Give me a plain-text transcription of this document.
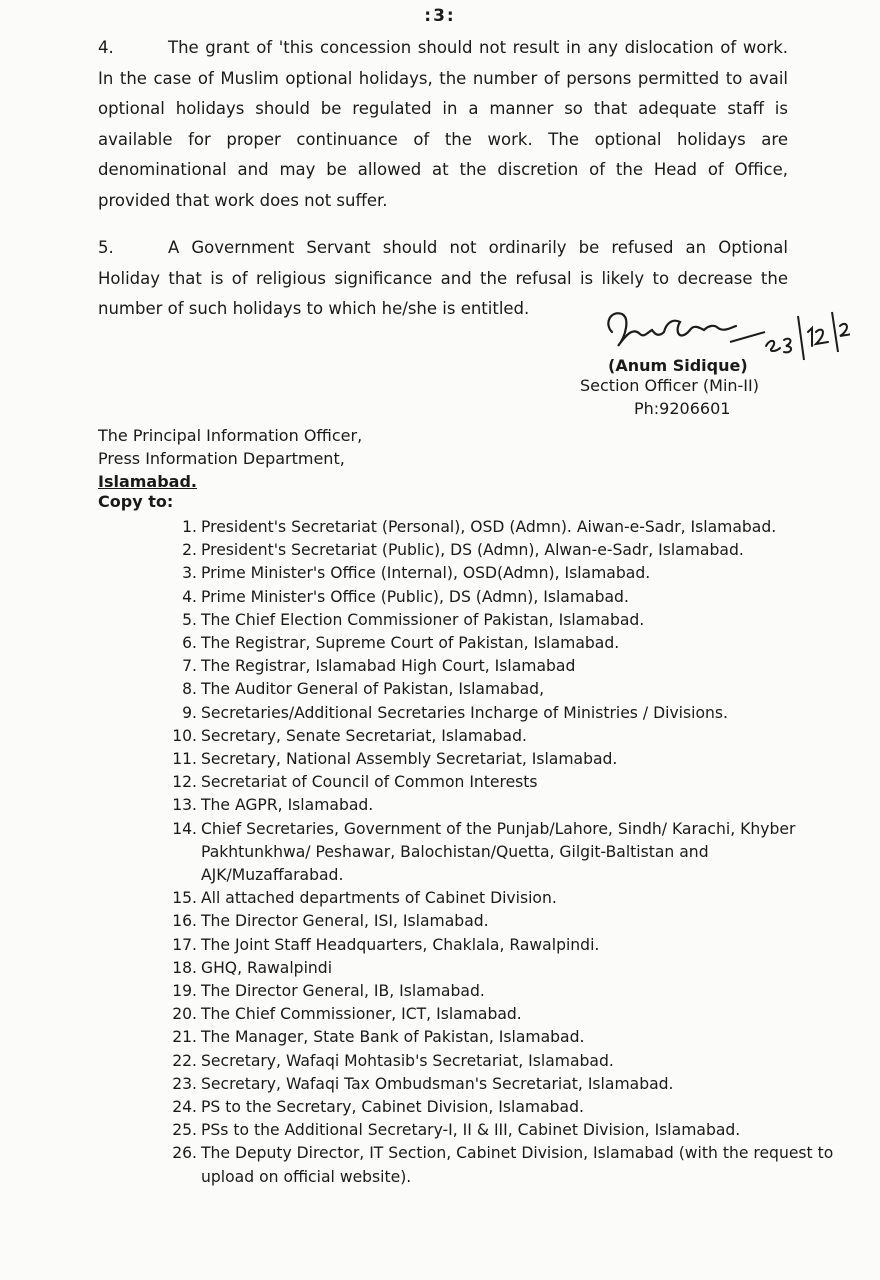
:3:
4.	The grant of 'this concession should not result in any dislocation of work. In the case of Muslim optional holidays, the number of persons permitted to avail optional holidays should be regulated in a manner so that adequate staff is available for proper continuance of the work. The optional holidays are denominational and may be allowed at the discretion of the Head of Office, provided that work does not suffer.
5.	A Government Servant should not ordinarily be refused an Optional Holiday that is of religious significance and the refusal is likely to decrease the number of such holidays to which he/she is entitled.
(Anum Sidique)
Section Officer (Min-II)
Ph:9206601
The Principal Information Officer,
Press Information Department,
Islamabad.
Copy to:
1. President's Secretariat (Personal), OSD (Admn). Aiwan-e-Sadr, Islamabad.
2. President's Secretariat (Public), DS (Admn), Alwan-e-Sadr, Islamabad.
3. Prime Minister's Office (Internal), OSD(Admn), Islamabad.
4. Prime Minister's Office (Public), DS (Admn), Islamabad.
5. The Chief Election Commissioner of Pakistan, Islamabad.
6. The Registrar, Supreme Court of Pakistan, Islamabad.
7. The Registrar, Islamabad High Court, Islamabad
8. The Auditor General of Pakistan, Islamabad,
9. Secretaries/Additional Secretaries Incharge of Ministries / Divisions.
10. Secretary, Senate Secretariat, Islamabad.
11. Secretary, National Assembly Secretariat, Islamabad.
12. Secretariat of Council of Common Interests
13. The AGPR, Islamabad.
14. Chief Secretaries, Government of the Punjab/Lahore, Sindh/ Karachi, Khyber Pakhtunkhwa/ Peshawar, Balochistan/Quetta, Gilgit-Baltistan and AJK/Muzaffarabad.
15. All attached departments of Cabinet Division.
16. The Director General, ISI, Islamabad.
17. The Joint Staff Headquarters, Chaklala, Rawalpindi.
18. GHQ, Rawalpindi
19. The Director General, IB, Islamabad.
20. The Chief Commissioner, ICT, Islamabad.
21. The Manager, State Bank of Pakistan, Islamabad.
22. Secretary, Wafaqi Mohtasib's Secretariat, Islamabad.
23. Secretary, Wafaqi Tax Ombudsman's Secretariat, Islamabad.
24. PS to the Secretary, Cabinet Division, Islamabad.
25. PSs to the Additional Secretary-I, II & III, Cabinet Division, Islamabad.
26. The Deputy Director, IT Section, Cabinet Division, Islamabad (with the request to upload on official website).
